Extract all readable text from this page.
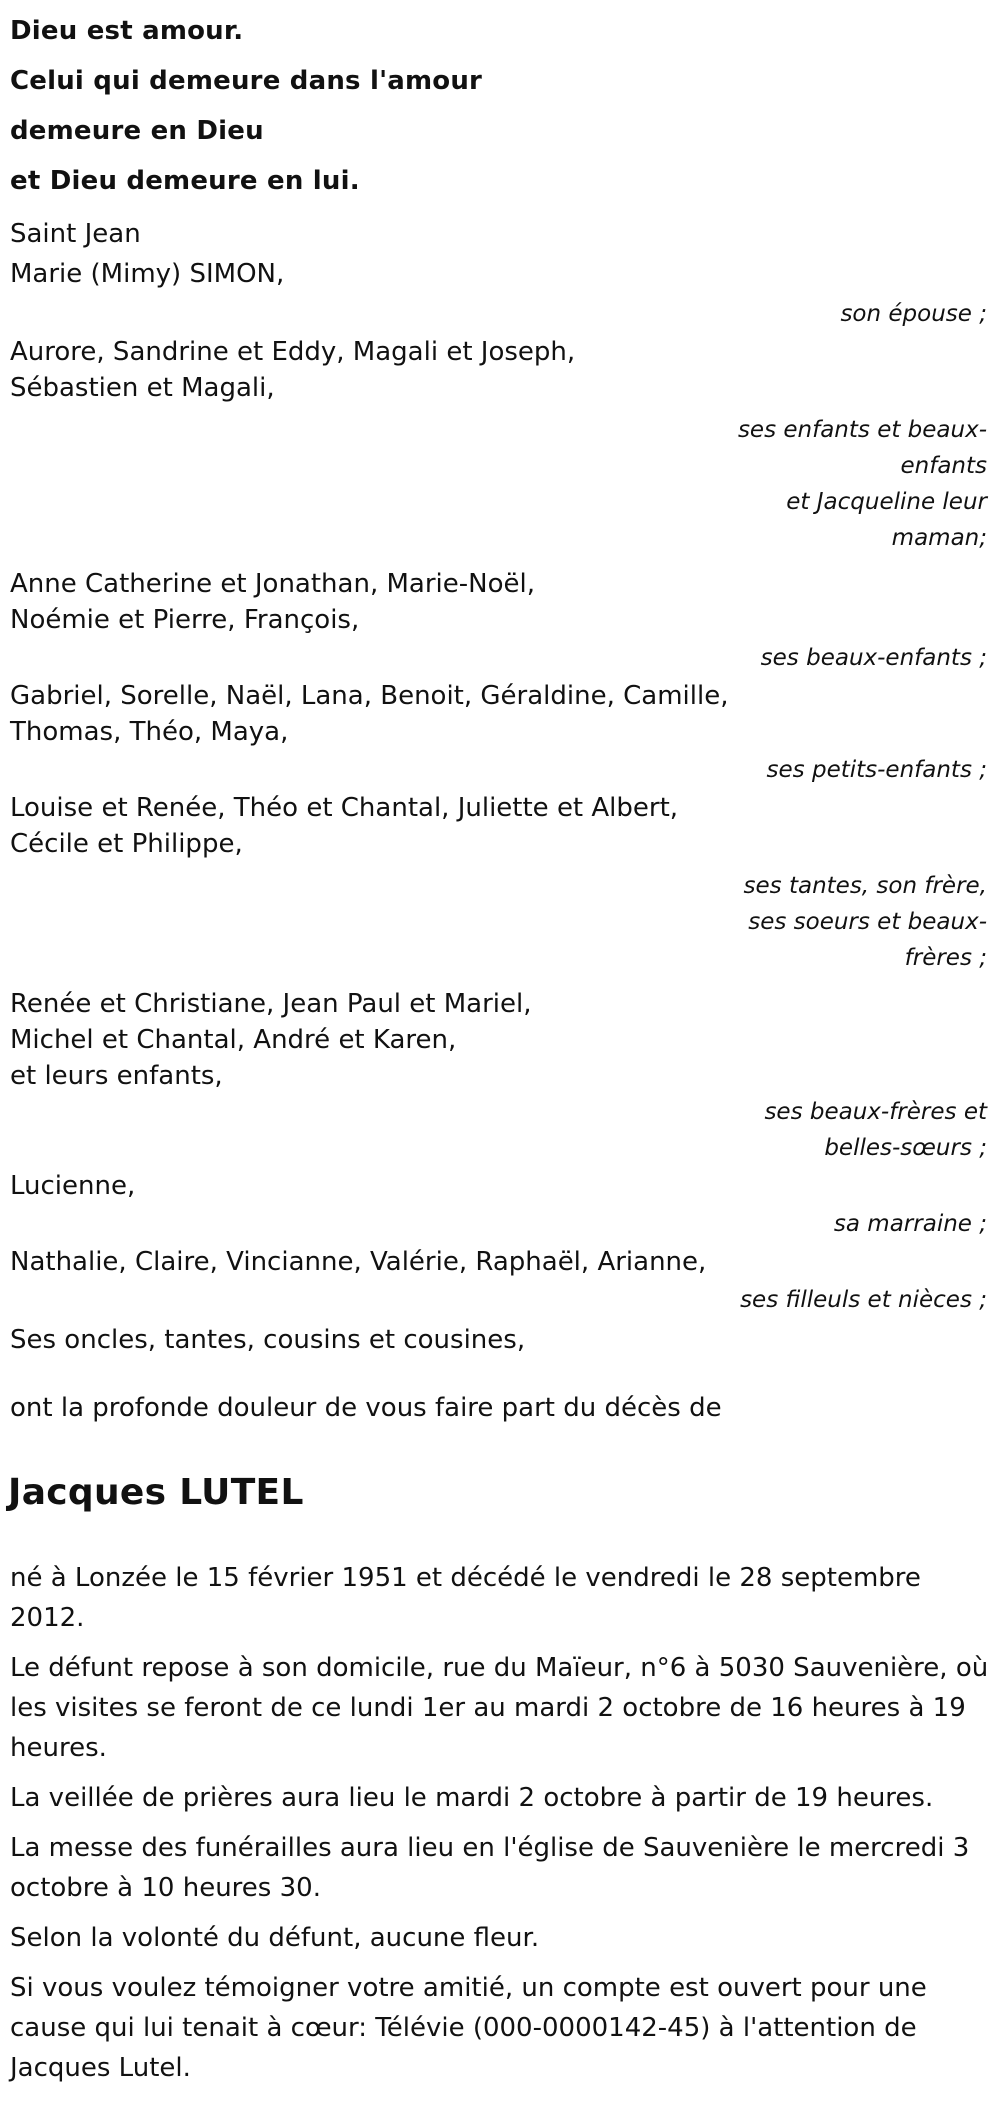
Dieu est amour.

Celui qui demeure dans l'amour

demeure en Dieu

et Dieu demeure en lui.

Saint Jean

Marie (Mimy) SIMON,

son épouse ;

Aurore, Sandrine et Eddy, Magali et Joseph,

Sébastien et Magali,

ses enfants et beaux-enfants
et Jacqueline leur maman;

Anne Catherine et Jonathan, Marie-Noël,

Noémie et Pierre, François,

ses beaux-enfants ;

Gabriel, Sorelle, Naël, Lana, Benoit, Géraldine, Camille,

Thomas, Théo, Maya,

ses petits-enfants ;

Louise et Renée, Théo et Chantal, Juliette et Albert,

Cécile et Philippe,

ses tantes, son frère,
ses soeurs et beaux-frères ;

Renée et Christiane, Jean Paul et Mariel,

Michel et Chantal, André et Karen,

et leurs enfants,

ses beaux-frères et belles-sœurs ;

Lucienne,

sa marraine ;

Nathalie, Claire, Vincianne, Valérie, Raphaël, Arianne,

ses filleuls et nièces ;

Ses oncles, tantes, cousins et cousines,

ont la profonde douleur de vous faire part du décès de

Jacques LUTEL

né à Lonzée le 15 février 1951 et décédé le vendredi le 28 septembre 2012.

Le défunt repose à son domicile, rue du Maïeur, n°6 à 5030 Sauvenière, où les visites se feront de ce lundi 1er au mardi 2 octobre de 16 heures à 19 heures.

La veillée de prières aura lieu le mardi 2 octobre à partir de 19 heures.

La messe des funérailles aura lieu en l'église de Sauvenière le mercredi 3 octobre à 10 heures 30.

Selon la volonté du défunt, aucune fleur.

Si vous voulez témoigner votre amitié, un compte est ouvert pour une cause qui lui tenait à cœur: Télévie (000-0000142-45) à l'attention de Jacques Lutel.
